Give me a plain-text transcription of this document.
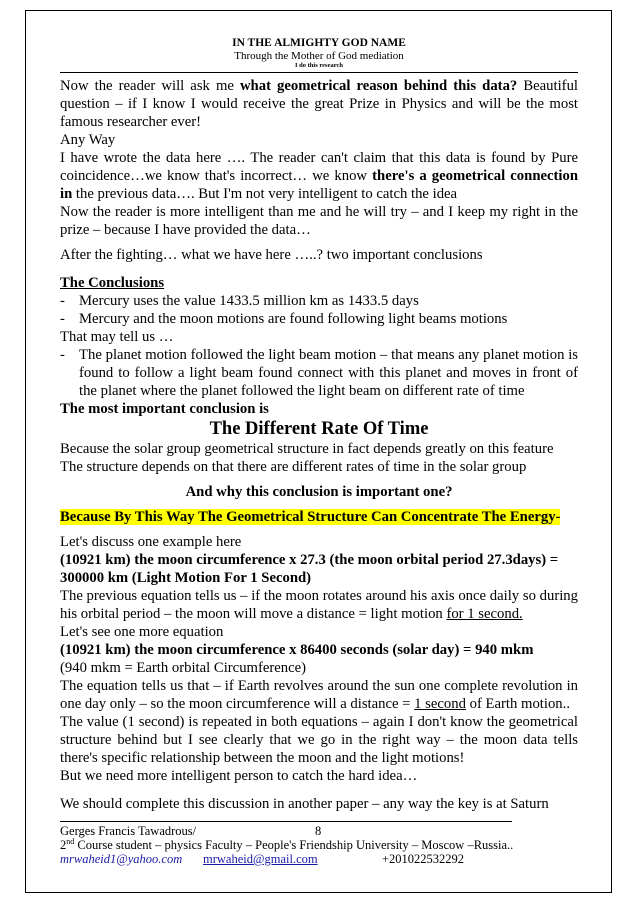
IN THE ALMIGHTY GOD NAME
Through the Mother of God mediation
I do this research

Now the reader will ask me what geometrical reason behind this data? Beautiful question – if I know I would receive the great Prize in Physics and will be the most famous researcher ever!

Any Way

I have wrote the data here …. The reader can't claim that this data is found by Pure coincidence…we know that's incorrect… we know there's a geometrical connection in the previous data…. But I'm not very intelligent to catch the idea

Now the reader is more intelligent than me and he will try – and I keep my right in the prize – because I have provided the data…

After the fighting… what we have here …..? two important conclusions

The Conclusions

- Mercury uses the value 1433.5 million km as 1433.5 days

- Mercury and the moon motions are found following light beams motions

That may tell us …

- The planet motion followed the light beam motion – that means any planet motion is found to follow a light beam found connect with this planet and moves in front of the planet where the planet followed the light beam on different rate of time

The most important conclusion is

The Different Rate Of Time

Because the solar group geometrical structure in fact depends greatly on this feature

The structure depends on that there are different rates of time in the solar group

And why this conclusion is important one?

Because By This Way The Geometrical Structure Can Concentrate The Energy-

Let's discuss one example here

(10921 km) the moon circumference x 27.3 (the moon orbital period 27.3days) = 300000 km (Light Motion For 1 Second)

The previous equation tells us – if the moon rotates around his axis once daily so during his orbital period – the moon will move a distance = light motion for 1 second.

Let's see one more equation

(10921 km) the moon circumference x 86400 seconds (solar day) = 940 mkm

(940 mkm = Earth orbital Circumference)

The equation tells us that – if Earth revolves around the sun one complete revolution in one day only – so the moon circumference will a distance = 1 second of Earth motion..

The value (1 second) is repeated in both equations – again I don't know the geometrical structure behind but I see clearly that we go in the right way – the moon data tells there's specific relationship between the moon and the light motions!

But we need more intelligent person to catch the hard idea…

We should complete this discussion in another paper – any way the key is at Saturn

Gerges Francis Tawadrous/	8
2nd Course student – physics Faculty – People's Friendship University – Moscow –Russia..
mrwaheid1@yahoo.com mrwaheid@gmail.com	+201022532292
